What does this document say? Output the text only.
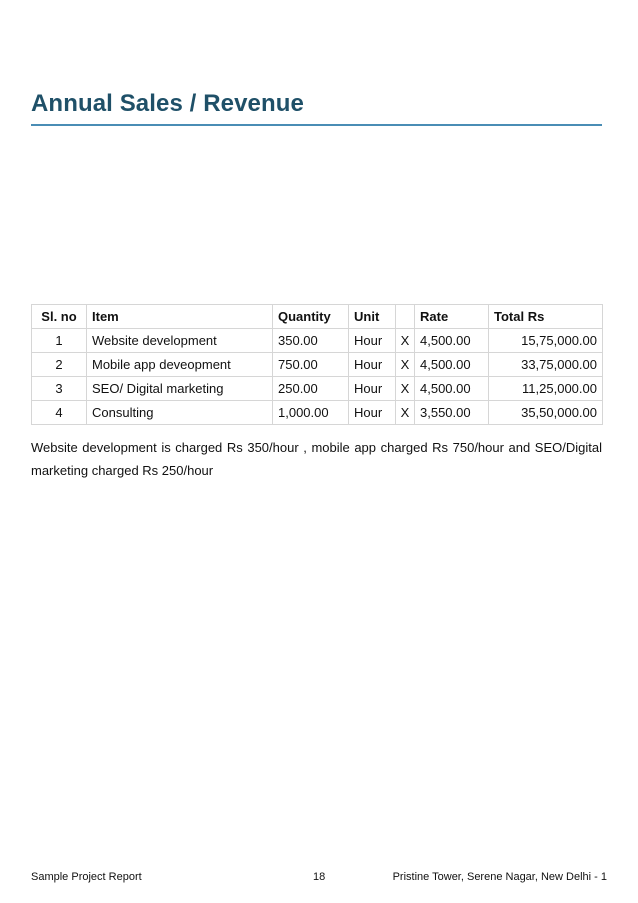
Annual Sales / Revenue
Sl. no	Item	Quantity	Unit		Rate	Total Rs
1	Website development	350.00	Hour	X	4,500.00	15,75,000.00
2	Mobile app deveopment	750.00	Hour	X	4,500.00	33,75,000.00
3	SEO/ Digital marketing	250.00	Hour	X	4,500.00	11,25,000.00
4	Consulting	1,000.00	Hour	X	3,550.00	35,50,000.00

Website development is charged Rs 350/hour , mobile app charged Rs 750/hour and SEO/Digital marketing charged Rs 250/hour

Sample Project Report	18	Pristine Tower, Serene Nagar, New Delhi - 1
